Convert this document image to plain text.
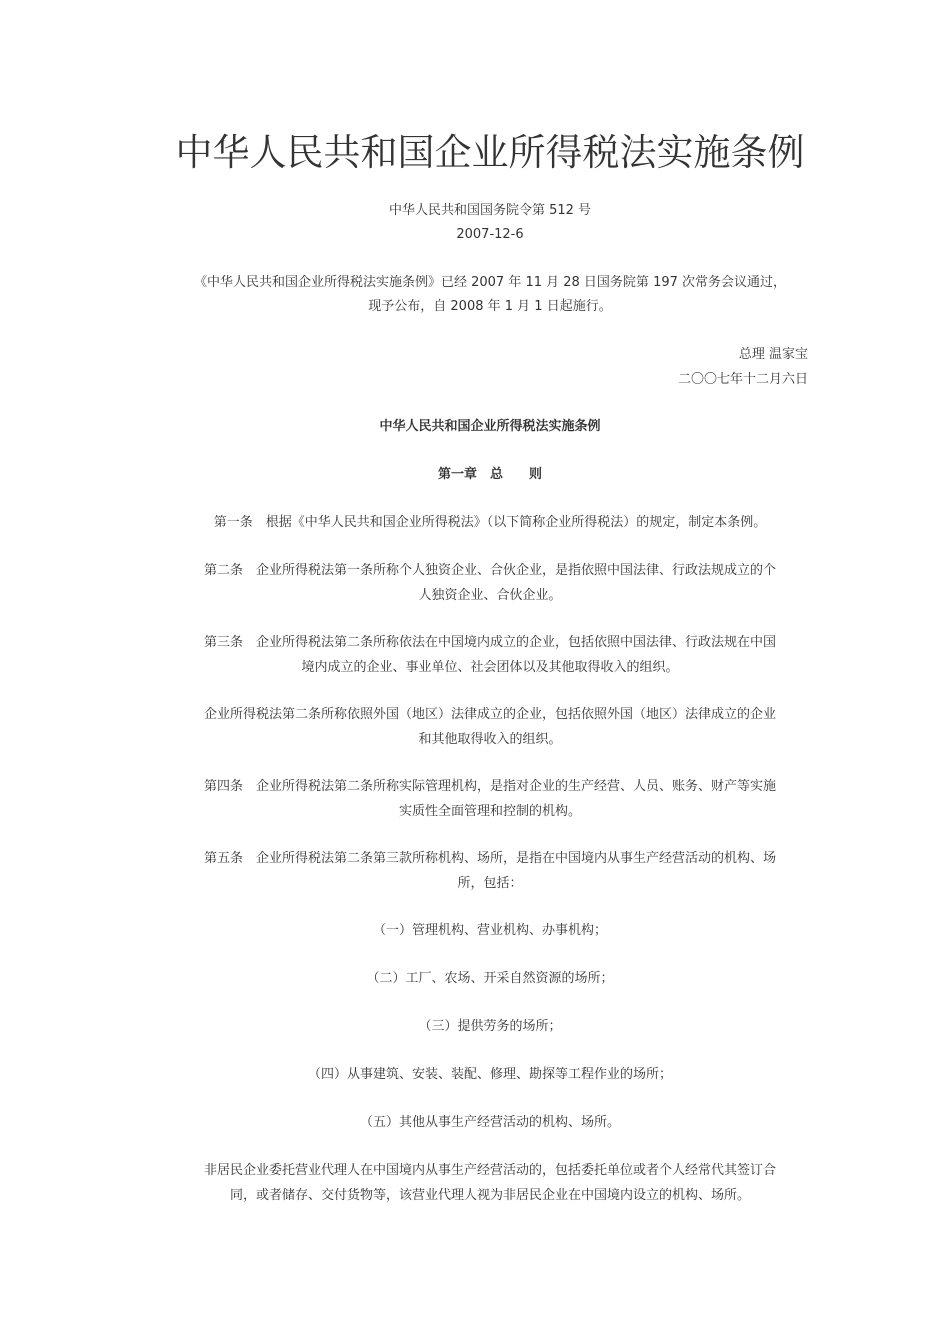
中华人民共和国企业所得税法实施条例
中华人民共和国国务院令第 512 号
2007-12-6
《中华人民共和国企业所得税法实施条例》已经 2007 年 11 月 28 日国务院第 197 次常务会议通过，
现予公布，自 2008 年 1 月 1 日起施行。
总理 温家宝
二〇〇七年十二月六日
中华人民共和国企业所得税法实施条例
第一章　总　　则
第一条　根据《中华人民共和国企业所得税法》（以下简称企业所得税法）的规定，制定本条例。
第二条　企业所得税法第一条所称个人独资企业、合伙企业，是指依照中国法律、行政法规成立的个
人独资企业、合伙企业。
第三条　企业所得税法第二条所称依法在中国境内成立的企业，包括依照中国法律、行政法规在中国
境内成立的企业、事业单位、社会团体以及其他取得收入的组织。
企业所得税法第二条所称依照外国（地区）法律成立的企业，包括依照外国（地区）法律成立的企业
和其他取得收入的组织。
第四条　企业所得税法第二条所称实际管理机构，是指对企业的生产经营、人员、账务、财产等实施
实质性全面管理和控制的机构。
第五条　企业所得税法第二条第三款所称机构、场所，是指在中国境内从事生产经营活动的机构、场
所，包括：
（一）管理机构、营业机构、办事机构；
（二）工厂、农场、开采自然资源的场所；
（三）提供劳务的场所；
（四）从事建筑、安装、装配、修理、勘探等工程作业的场所；
（五）其他从事生产经营活动的机构、场所。
非居民企业委托营业代理人在中国境内从事生产经营活动的，包括委托单位或者个人经常代其签订合
同，或者储存、交付货物等，该营业代理人视为非居民企业在中国境内设立的机构、场所。
